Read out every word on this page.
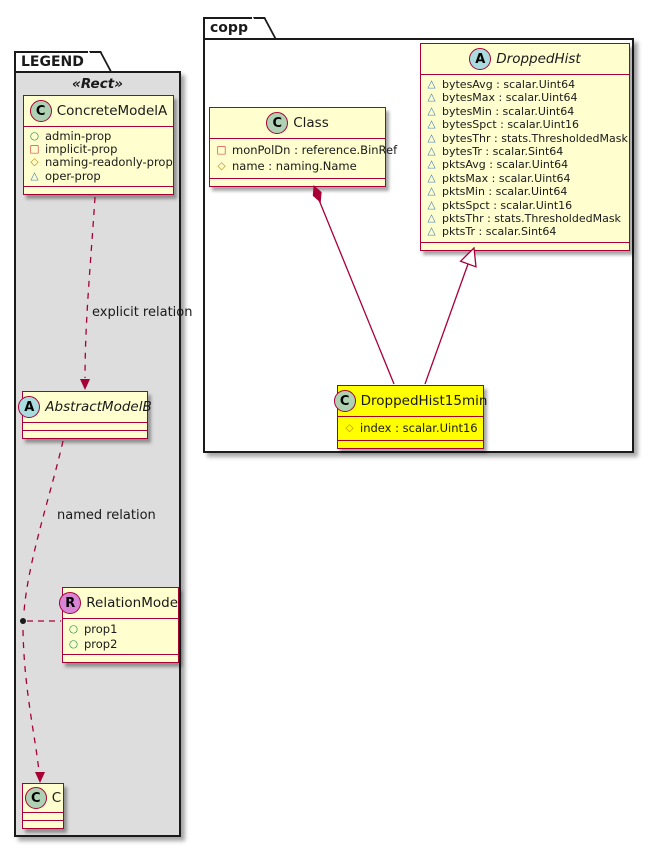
LEGEND
«Rect»
copp
C ConcreteModelA
○
admin-prop
□
implicit-prop
◇
naming-readonly-prop
△
oper-prop
A AbstractModelB
R RelationModel
○
prop1
○
prop2
C C
C Class
□
monPolDn : reference.BinRef
◇
name : naming.Name
A DroppedHist
△
bytesAvg : scalar.Uint64
△
bytesMax : scalar.Uint64
△
bytesMin : scalar.Uint64
△
bytesSpct : scalar.Uint16
△
bytesThr : stats.ThresholdedMask
△
bytesTr : scalar.Sint64
△
pktsAvg : scalar.Uint64
△
pktsMax : scalar.Uint64
△
pktsMin : scalar.Uint64
△
pktsSpct : scalar.Uint16
△
pktsThr : stats.ThresholdedMask
△
pktsTr : scalar.Sint64
C DroppedHist15min
◇
index : scalar.Uint16
explicit relation
named relation
